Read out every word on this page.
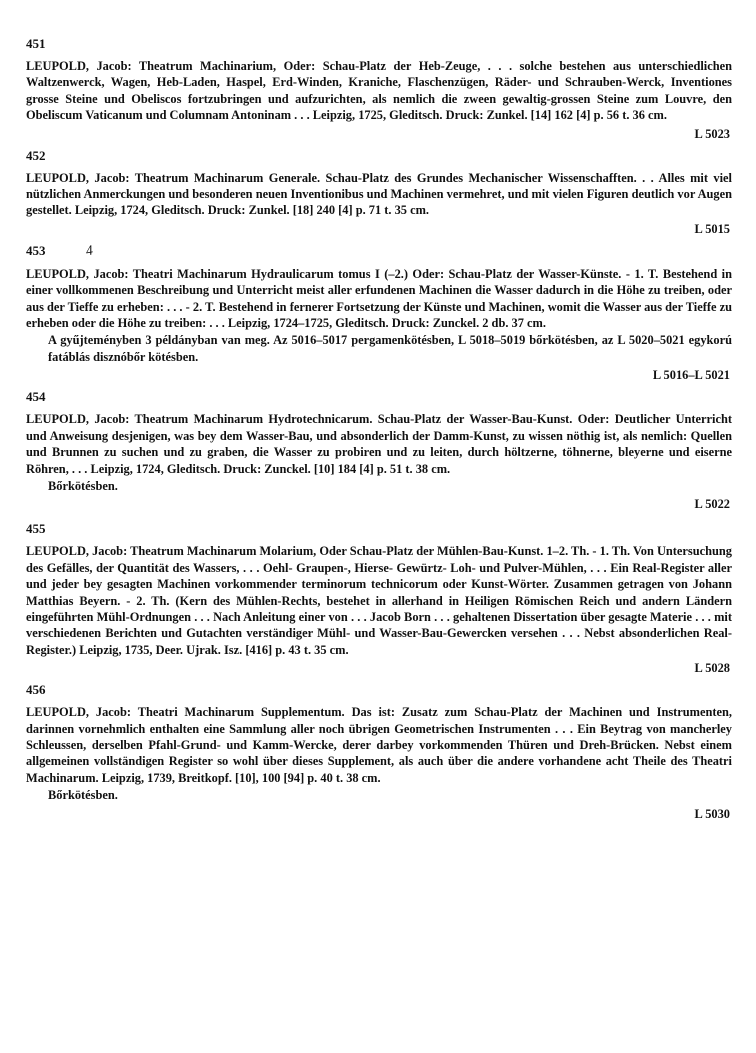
451

LEUPOLD, Jacob: Theatrum Machinarium, Oder: Schau-Platz der Heb-Zeuge, . . . solche bestehen aus unterschiedlichen Waltzenwerck, Wagen, Heb-Laden, Haspel, Erd-Winden, Kraniche, Flaschenzügen, Räder- und Schrauben-Werck, Inventiones grosse Steine und Obeliscos fortzubringen und aufzurichten, als nemlich die zween gewaltig-grossen Steine zum Louvre, den Obeliscum Vaticanum und Columnam Antoninam . . . Leipzig, 1725, Gleditsch. Druck: Zunkel. [14] 162 [4] p. 56 t. 36 cm.

L 5023
452

LEUPOLD, Jacob: Theatrum Machinarum Generale. Schau-Platz des Grundes Mechanischer Wissenschafften. . . Alles mit viel nützlichen Anmerckungen und besonderen neuen Inventionibus und Machinen vermehret, und mit vielen Figuren deutlich vor Augen gestellet. Leipzig, 1724, Gleditsch. Druck: Zunkel. [18] 240 [4] p. 71 t. 35 cm.

L 5015
453	4

LEUPOLD, Jacob: Theatri Machinarum Hydraulicarum tomus I (–2.) Oder: Schau-Platz der Wasser-Künste. - 1. T. Bestehend in einer vollkommenen Beschreibung und Unterricht meist aller erfundenen Machinen die Wasser dadurch in die Höhe zu treiben, oder aus der Tieffe zu erheben: . . . - 2. T. Bestehend in fernerer Fortsetzung der Künste und Machinen, womit die Wasser aus der Tieffe zu erheben oder die Höhe zu treiben: . . . Leipzig, 1724–1725, Gleditsch. Druck: Zunckel. 2 db. 37 cm.

A gyűjteményben 3 példányban van meg. Az 5016–5017 pergamenkötésben, L 5018–5019 bőrkötésben, az L 5020–5021 egykorú fatáblás disznóbőr kötésben.

L 5016–L 5021
454

LEUPOLD, Jacob: Theatrum Machinarum Hydrotechnicarum. Schau-Platz der Wasser-Bau-Kunst. Oder: Deutlicher Unterricht und Anweisung desjenigen, was bey dem Wasser-Bau, und absonderlich der Damm-Kunst, zu wissen nöthig ist, als nemlich: Quellen und Brunnen zu suchen und zu graben, die Wasser zu probiren und zu leiten, durch höltzerne, töhnerne, bleyerne und eiserne Röhren, . . . Leipzig, 1724, Gleditsch. Druck: Zunckel. [10] 184 [4] p. 51 t. 38 cm.

Bőrkötésben.

L 5022
455

LEUPOLD, Jacob: Theatrum Machinarum Molarium, Oder Schau-Platz der Mühlen-Bau-Kunst. 1–2. Th. - 1. Th. Von Untersuchung des Gefälles, der Quantität des Wassers, . . . Oehl- Graupen-, Hierse- Gewürtz- Loh- und Pulver-Mühlen, . . . Ein Real-Register aller und jeder bey gesagten Machinen vorkommender terminorum technicorum oder Kunst-Wörter. Zusammen getragen von Johann Matthias Beyern. - 2. Th. (Kern des Mühlen-Rechts, bestehet in allerhand in Heiligen Römischen Reich und andern Ländern eingeführten Mühl-Ordnungen . . . Nach Anleitung einer von . . . Jacob Born . . . gehaltenen Dissertation über gesagte Materie . . . mit verschiedenen Berichten und Gutachten verständiger Mühl- und Wasser-Bau-Gewercken versehen . . . Nebst absonderlichen Real-Register.) Leipzig, 1735, Deer. Ujrak. Isz. [416] p. 43 t. 35 cm.

L 5028
456

LEUPOLD, Jacob: Theatri Machinarum Supplementum. Das ist: Zusatz zum Schau-Platz der Machinen und Instrumenten, darinnen vornehmlich enthalten eine Sammlung aller noch übrigen Geometrischen Instrumenten . . . Ein Beytrag von mancherley Schleussen, derselben Pfahl-Grund- und Kamm-Wercke, derer darbey vorkommenden Thüren und Dreh-Brücken. Nebst einem allgemeinen vollständigen Register so wohl über dieses Supplement, als auch über die andere vorhandene acht Theile des Theatri Machinarum. Leipzig, 1739, Breitkopf. [10], 100 [94] p. 40 t. 38 cm.

Bőrkötésben.

L 5030
